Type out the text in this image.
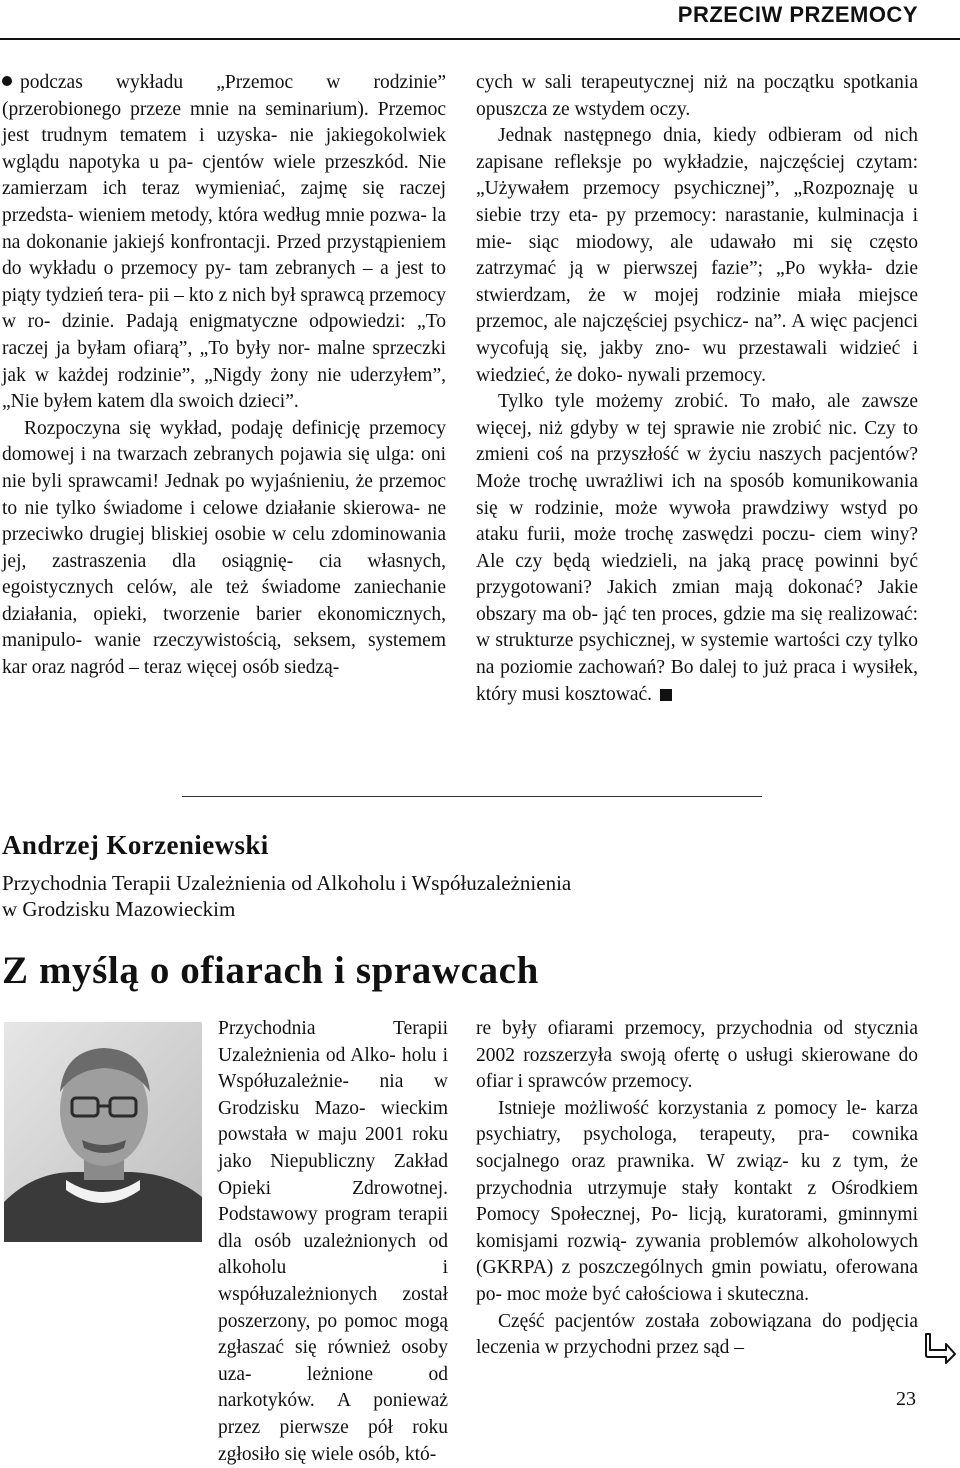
PRZECIW PRZEMOCY

podczas wykładu „Przemoc w rodzinie” (przerobionego przeze mnie na seminarium). Przemoc jest trudnym tematem i uzyska- nie jakiegokolwiek wglądu napotyka u pa- cjentów wiele przeszkód. Nie zamierzam ich teraz wymieniać, zajmę się raczej przedsta- wieniem metody, która według mnie pozwa- la na dokonanie jakiejś konfrontacji. Przed przystąpieniem do wykładu o przemocy py- tam zebranych – a jest to piąty tydzień tera- pii – kto z nich był sprawcą przemocy w ro- dzinie. Padają enigmatyczne odpowiedzi: „To raczej ja byłam ofiarą”, „To były nor- malne sprzeczki jak w każdej rodzinie”, „Nigdy żony nie uderzyłem”, „Nie byłem katem dla swoich dzieci”.

Rozpoczyna się wykład, podaję definicję przemocy domowej i na twarzach zebranych pojawia się ulga: oni nie byli sprawcami! Jednak po wyjaśnieniu, że przemoc to nie tylko świadome i celowe działanie skierowa- ne przeciwko drugiej bliskiej osobie w celu zdominowania jej, zastraszenia dla osiągnię- cia własnych, egoistycznych celów, ale też świadome zaniechanie działania, opieki, tworzenie barier ekonomicznych, manipulo- wanie rzeczywistością, seksem, systemem kar oraz nagród – teraz więcej osób siedzą-

cych w sali terapeutycznej niż na początku spotkania opuszcza ze wstydem oczy.

Jednak następnego dnia, kiedy odbieram od nich zapisane refleksje po wykładzie, najczęściej czytam: „Używałem przemocy psychicznej”, „Rozpoznaję u siebie trzy eta- py przemocy: narastanie, kulminacja i mie- siąc miodowy, ale udawało mi się często zatrzymać ją w pierwszej fazie”; „Po wykła- dzie stwierdzam, że w mojej rodzinie miała miejsce przemoc, ale najczęściej psychicz- na”. A więc pacjenci wycofują się, jakby zno- wu przestawali widzieć i wiedzieć, że doko- nywali przemocy.

Tylko tyle możemy zrobić. To mało, ale zawsze więcej, niż gdyby w tej sprawie nie zrobić nic. Czy to zmieni coś na przyszłość w życiu naszych pacjentów? Może trochę uwrażliwi ich na sposób komunikowania się w rodzinie, może wywoła prawdziwy wstyd po ataku furii, może trochę zaswędzi poczu- ciem winy? Ale czy będą wiedzieli, na jaką pracę powinni być przygotowani? Jakich zmian mają dokonać? Jakie obszary ma ob- jąć ten proces, gdzie ma się realizować: w strukturze psychicznej, w systemie wartości czy tylko na poziomie zachowań? Bo dalej to już praca i wysiłek, który musi kosztować.

Andrzej Korzeniewski
Przychodnia Terapii Uzależnienia od Alkoholu i Współuzależnienia
w Grodzisku Mazowieckim
Z myślą o ofiarach i sprawcach

Przychodnia Terapii Uzależnienia od Alko- holu i Współuzależnie- nia w Grodzisku Mazo- wieckim powstała w maju 2001 roku jako Niepubliczny Zakład Opieki Zdrowotnej. Podstawowy program terapii dla osób uzależnionych od alkoholu i współuzależnionych został poszerzony, po pomoc mogą zgłaszać się również osoby uza- leżnione od narkotyków. A ponieważ przez pierwsze pół roku zgłosiło się wiele osób, któ-

re były ofiarami przemocy, przychodnia od stycznia 2002 rozszerzyła swoją ofertę o usługi skierowane do ofiar i sprawców przemocy.

Istnieje możliwość korzystania z pomocy le- karza psychiatry, psychologa, terapeuty, pra- cownika socjalnego oraz prawnika. W związ- ku z tym, że przychodnia utrzymuje stały kontakt z Ośrodkiem Pomocy Społecznej, Po- licją, kuratorami, gminnymi komisjami rozwią- zywania problemów alkoholowych (GKRPA) z poszczególnych gmin powiatu, oferowana po- moc może być całościowa i skuteczna.

Część pacjentów została zobowiązana do podjęcia leczenia w przychodni przez sąd –

23
